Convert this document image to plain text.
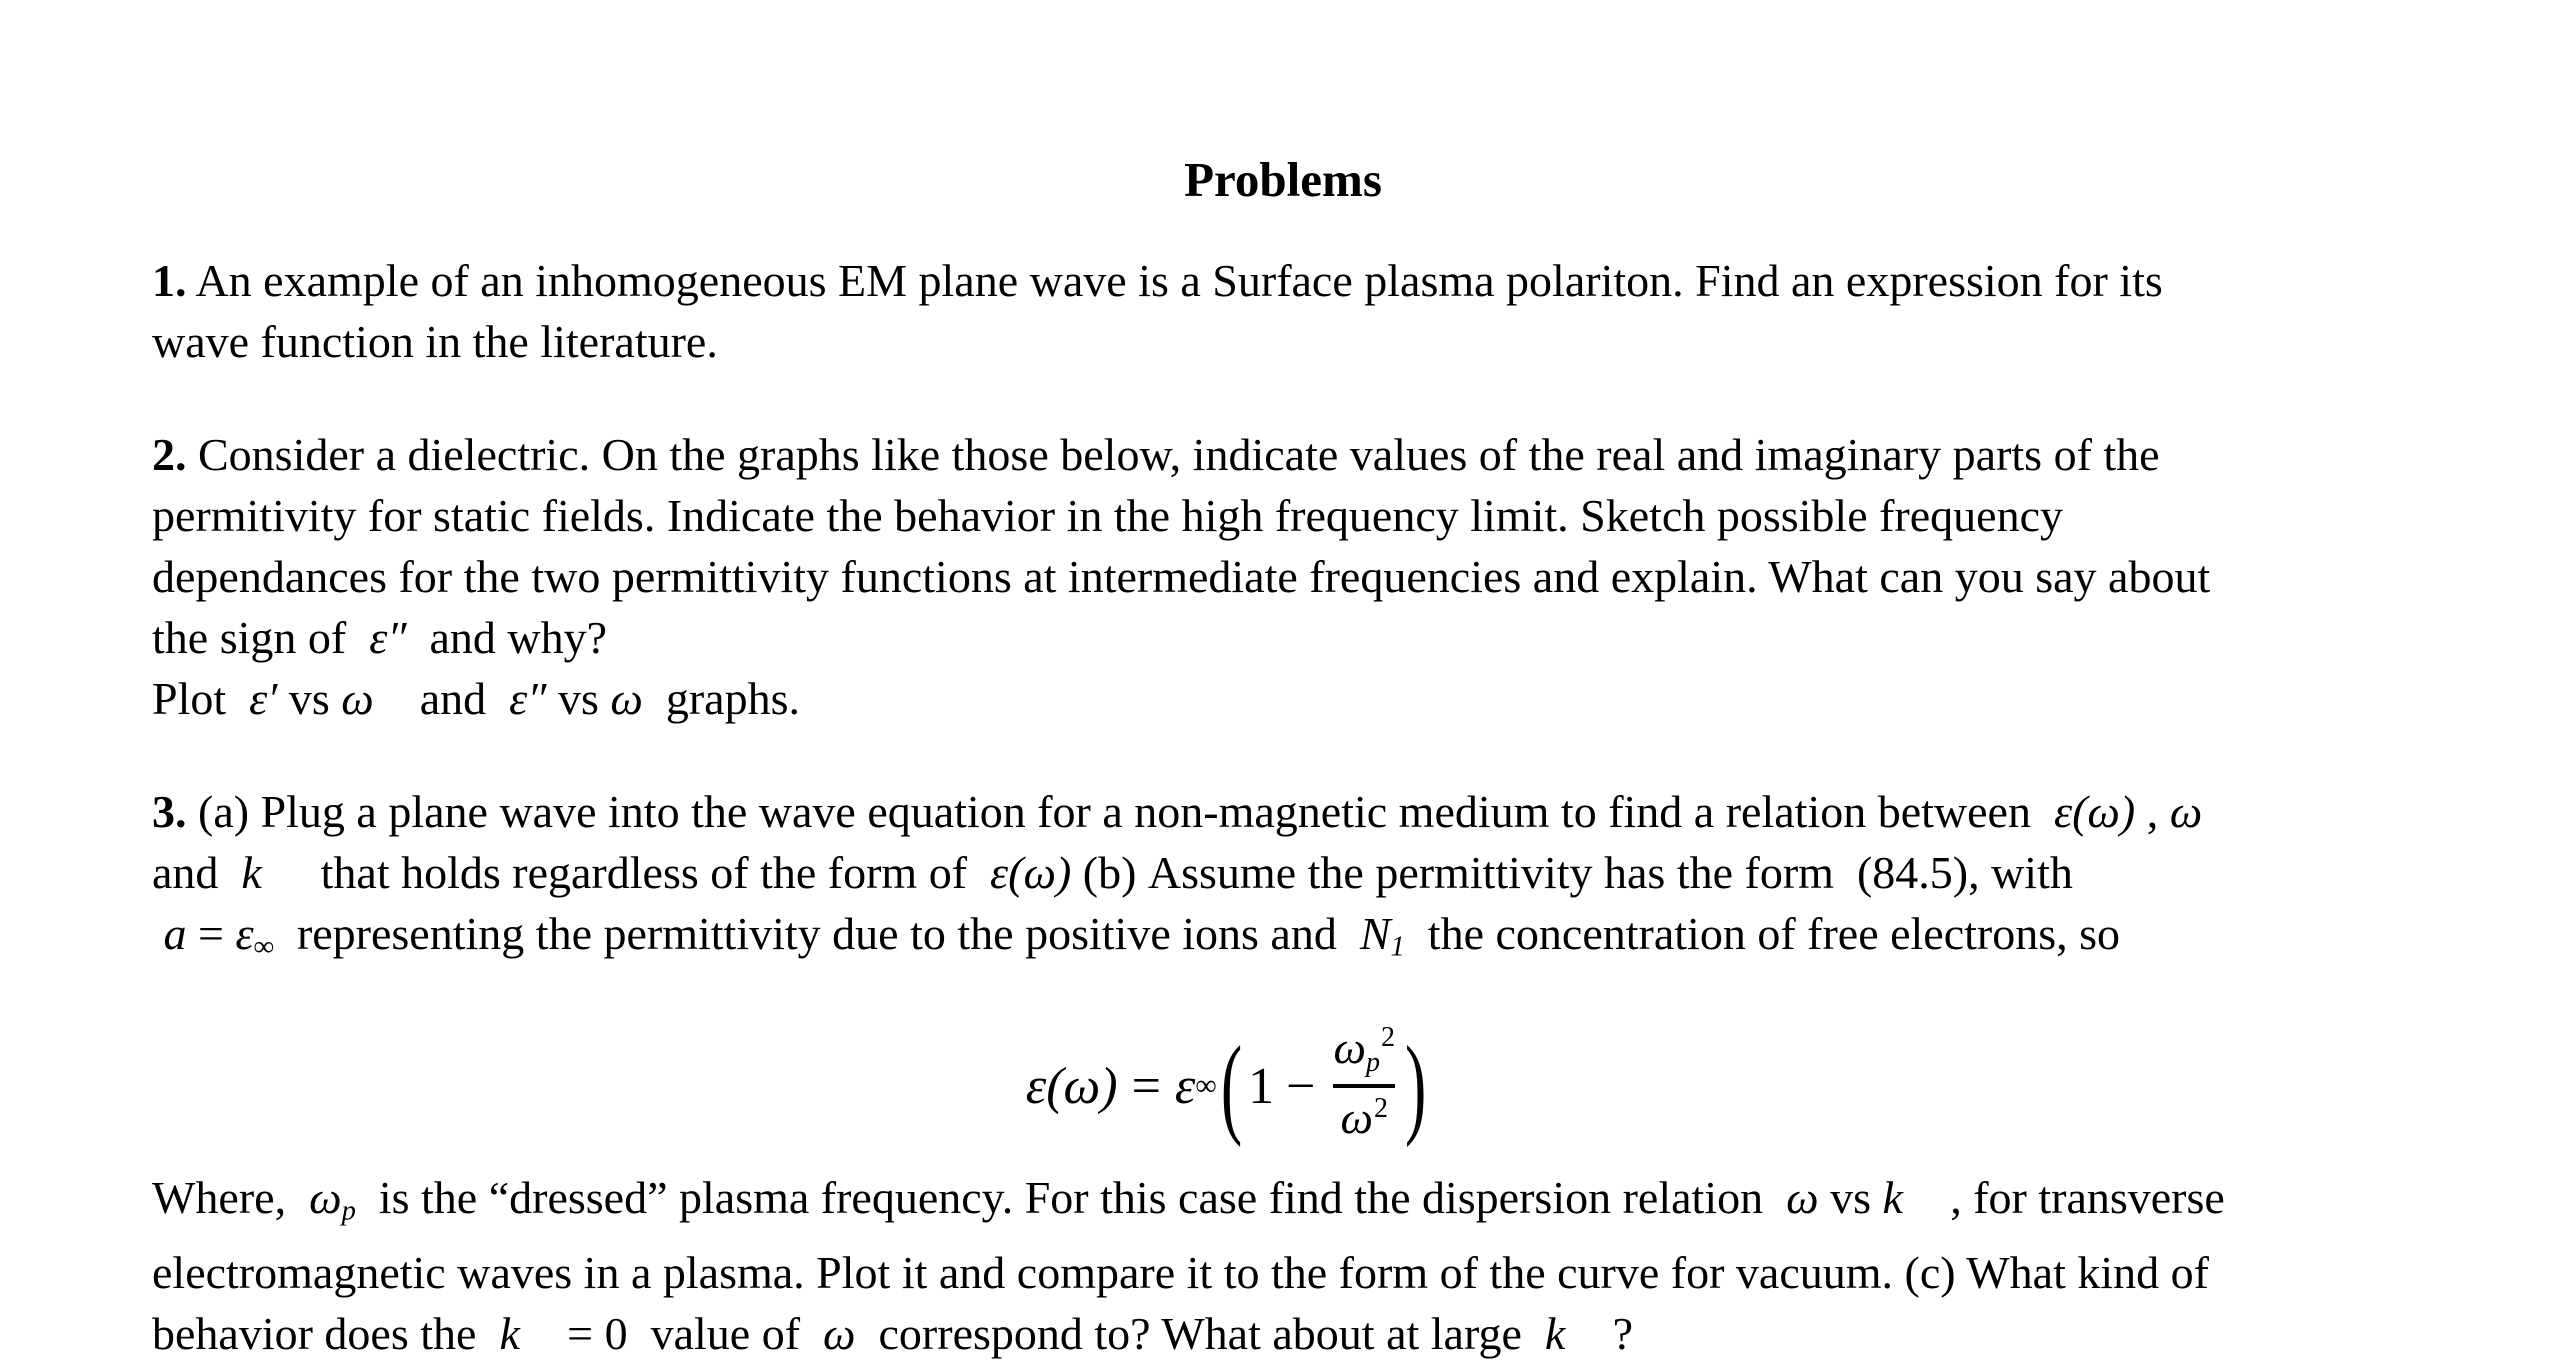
Problems
1. An example of an inhomogeneous EM plane wave is a Surface plasma polariton. Find an expression for its
wave function in the literature.
2. Consider a dielectric. On the graphs like those below, indicate values of the real and imaginary parts of the
permitivity for static fields. Indicate the behavior in the high frequency limit. Sketch possible frequency
dependances for the two permittivity functions at intermediate frequencies and explain. What can you say about
the sign of  ε″  and why?
Plot  ε′ vs ω    and  ε″ vs ω  graphs.
3. (a) Plug a plane wave into the wave equation for a non-magnetic medium to find a relation between  ε(ω) , ω
and  k⃗  that holds regardless of the form of  ε(ω) (b) Assume the permittivity has the form  (84.5), with
a = ε∞  representing the permittivity due to the positive ions and  N1  the concentration of free electrons, so
ε(ω) = ε ∞ ( $1 - \frac{\omega p^2}{\omega^2}$ )
Where,  ωp  is the “dressed” plasma frequency. For this case find the dispersion relation  ω vs k⃗ , for transverse
electromagnetic waves in a plasma. Plot it and compare it to the form of the curve for vacuum. (c) What kind of
behavior does the  k⃗ = 0  value of  ω  correspond to? What about at large  k⃗ ?
